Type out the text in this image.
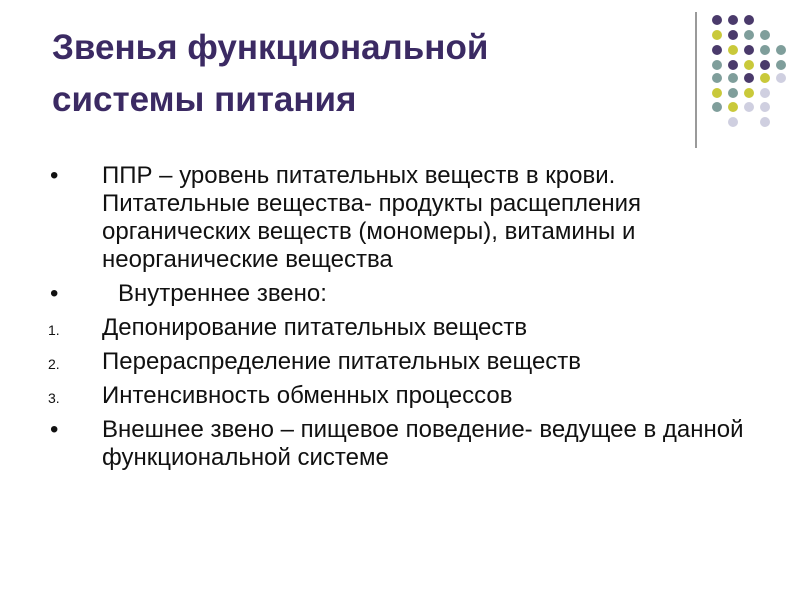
Звенья функциональной
системы питания
•	ППР – уровень питательных веществ в крови. Питательные вещества- продукты расщепления органических веществ (мономеры), витамины и неорганические вещества
•	Внутреннее звено:
1.	Депонирование питательных веществ
2.	Перераспределение питательных веществ
3.	Интенсивность обменных процессов
•	Внешнее звено – пищевое поведение- ведущее в данной функциональной системе
